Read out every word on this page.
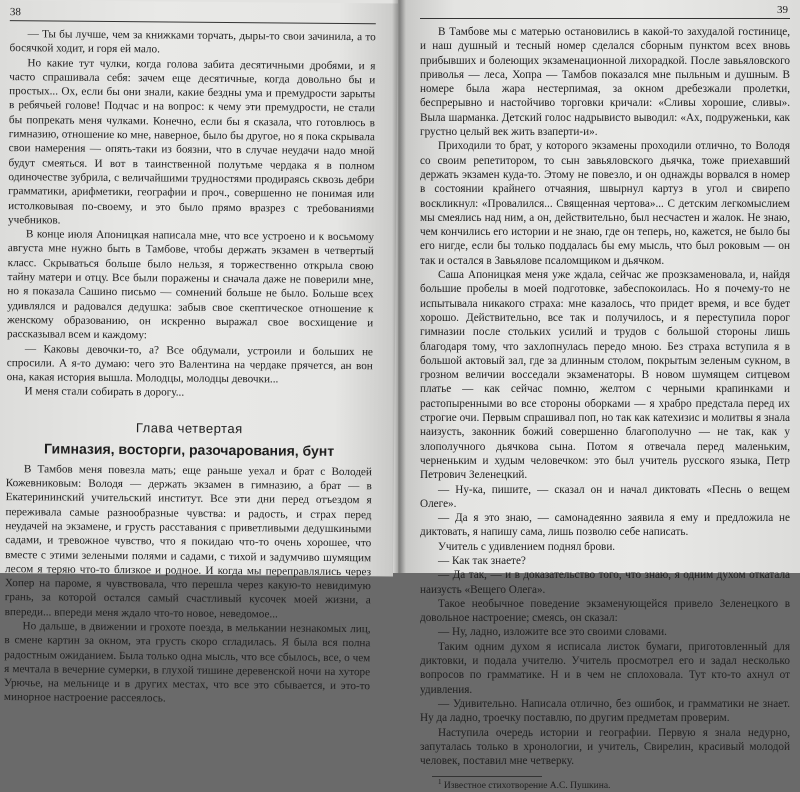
38

— Ты бы лучше, чем за книжками торчать, дыры-то свои зачинила, а то босячкой ходит, и горя ей мало.

Но какие тут чулки, когда голова забита десятичными дробями, и я часто спрашивала себя: зачем еще десятичные, когда довольно бы и простых... Ох, если бы они знали, какие бездны ума и премудрости зарыты в ребячьей голове! Подчас и на вопрос: к чему эти премудрости, не стали бы попрекать меня чулками. Конечно, если бы я сказала, что готовлюсь в гимназию, отношение ко мне, наверное, было бы другое, но я пока скрывала свои намерения — опять-таки из боязни, что в случае неудачи надо мной будут смеяться. И вот в таинственной полутьме чердака я в полном одиночестве зубрила, с величайшими трудностями продираясь сквозь дебри грамматики, арифметики, географии и проч., совершенно не понимая или истолковывая по-своему, и это было прямо вразрез с требованиями учебников.

В конце июля Апоницкая написала мне, что все устроено и к восьмому августа мне нужно быть в Тамбове, чтобы держать экзамен в четвертый класс. Скрываться больше было нельзя, я торжественно открыла свою тайну матери и отцу. Все были поражены и сначала даже не поверили мне, но я показала Сашино письмо — сомнений больше не было. Больше всех удивлялся и радовался дедушка: забыв свое скептическое отношение к женскому образованию, он искренно выражал свое восхищение и рассказывал всем и каждому:

— Каковы девочки-то, а? Все обдумали, устроили и больших не спросили. А я-то думаю: чего это Валентина на чердаке прячется, ан вон она, какая история вышла. Молодцы, молодцы девочки...

И меня стали собирать в дорогу...

Глава четвертая
Гимназия, восторги, разочарования, бунт

В Тамбов меня повезла мать; еще раньше уехал и брат с Володей Кожевниковым: Володя — держать экзамен в гимназию, а брат — в Екатерининский учительский институт. Все эти дни перед отъездом я переживала самые разнообразные чувства: и радость, и страх перед неудачей на экзамене, и грусть расставания с приветливыми дедушкиными садами, и тревожное чувство, что я покидаю что-то очень хорошее, что вместе с этими зелеными полями и садами, с тихой и задумчиво шумящим лесом я теряю что-то близкое и родное. И когда мы переправлялись через Хопер на пароме, я чувствовала, что перешла через какую-то невидимую грань, за которой остался самый счастливый кусочек моей жизни, а впереди... впереди меня ждало что-то новое, неведомое...

Но дальше, в движении и грохоте поезда, в мелькании незнакомых лиц, в смене картин за окном, эта грусть скоро сгладилась. Я была вся полна радостным ожиданием. Была только одна мысль, что все сбылось, все, о чем я мечтала в вечерние сумерки, в глухой тишине деревенской ночи на хуторе Урючье, на мельнице и в других местах, что все это сбывается, и это-то минорное настроение рассеялось.

39

В Тамбове мы с матерью остановились в какой-то захудалой гостинице, и наш душный и тесный номер сделался сборным пунктом всех вновь прибывших и болеющих экзаменационной лихорадкой. После завьяловского приволья — леса, Хопра — Тамбов показался мне пыльным и душным. В номере была жара нестерпимая, за окном дребезжали пролетки, беспрерывно и настойчиво торговки кричали: «Сливы хорошие, сливы». Выла шарманка. Детский голос надрывисто выводил: «Ах, подруженьки, как грустно целый век жить взаперти-и».

Приходили то брат, у которого экзамены проходили отлично, то Володя со своим репетитором, то сын завьяловского дьячка, тоже приехавший держать экзамен куда-то. Этому не повезло, и он однажды ворвался в номер в состоянии крайнего отчаяния, швырнул картуз в угол и свирепо воскликнул: «Провалился... Священная чертова»... С детским легкомыслием мы смеялись над ним, а он, действительно, был несчастен и жалок. Не знаю, чем кончились его истории и не знаю, где он теперь, но, кажется, не было бы его нигде, если бы только поддалась бы ему мысль, что был роковым — он так и остался в Завьялове псаломщиком и дьячком.

Саша Апоницкая меня уже ждала, сейчас же прозкзаменовала, и, найдя большие пробелы в моей подготовке, забеспокоилась. Но я почему-то не испытывала никакого страха: мне казалось, что придет время, и все будет хорошо. Действительно, все так и получилось, и я переступила порог гимназии после стольких усилий и трудов с большой стороны лишь благодаря тому, что захлопнулась передо мною. Без страха вступила я в большой актовый зал, где за длинным столом, покрытым зеленым сукном, в грозном величии восседали экзаменаторы. В новом шумящем ситцевом платье — как сейчас помню, желтом с черными крапинками и растопыренными во все стороны оборками — я храбро предстала перед их строгие очи. Первым спрашивал поп, но так как катехизис и молитвы я знала наизусть, законник божий совершенно благополучно — не так, как у злополучного дьячкова сына. Потом я отвечала перед маленьким, черненьким и худым человечком: это был учитель русского языка, Петр Петрович Зеленецкий.

— Ну-ка, пишите, — сказал он и начал диктовать «Песнь о вещем Олеге».

— Да я это знаю, — самонадеянно заявила я ему и предложила не диктовать, я напишу сама, лишь позволю себе написать.

Учитель с удивлением поднял брови.

— Как так знаете?

— Да так, — и в доказательство того, что знаю, я одним духом откатала наизусть «Вещего Олега».

Такое необычное поведение экзаменующейся привело Зеленецкого в довольное настроение; смеясь, он сказал:

— Ну, ладно, изложите все это своими словами.

Таким одним духом я исписала листок бумаги, приготовленный для диктовки, и подала учителю. Учитель просмотрел его и задал несколько вопросов по грамматике. Н и в чем не сплоховала. Тут кто-то ахнул от удивления.

— Удивительно. Написала отлично, без ошибок, и грамматики не знает. Ну да ладно, троечку поставлю, по другим предметам проверим.

Наступила очередь истории и географии. Первую я знала недурно, запуталась только в хронологии, и учитель, Свирелин, красивый молодой человек, поставил мне четверку.

$^1$ Известное стихотворение А.С. Пушкина.
